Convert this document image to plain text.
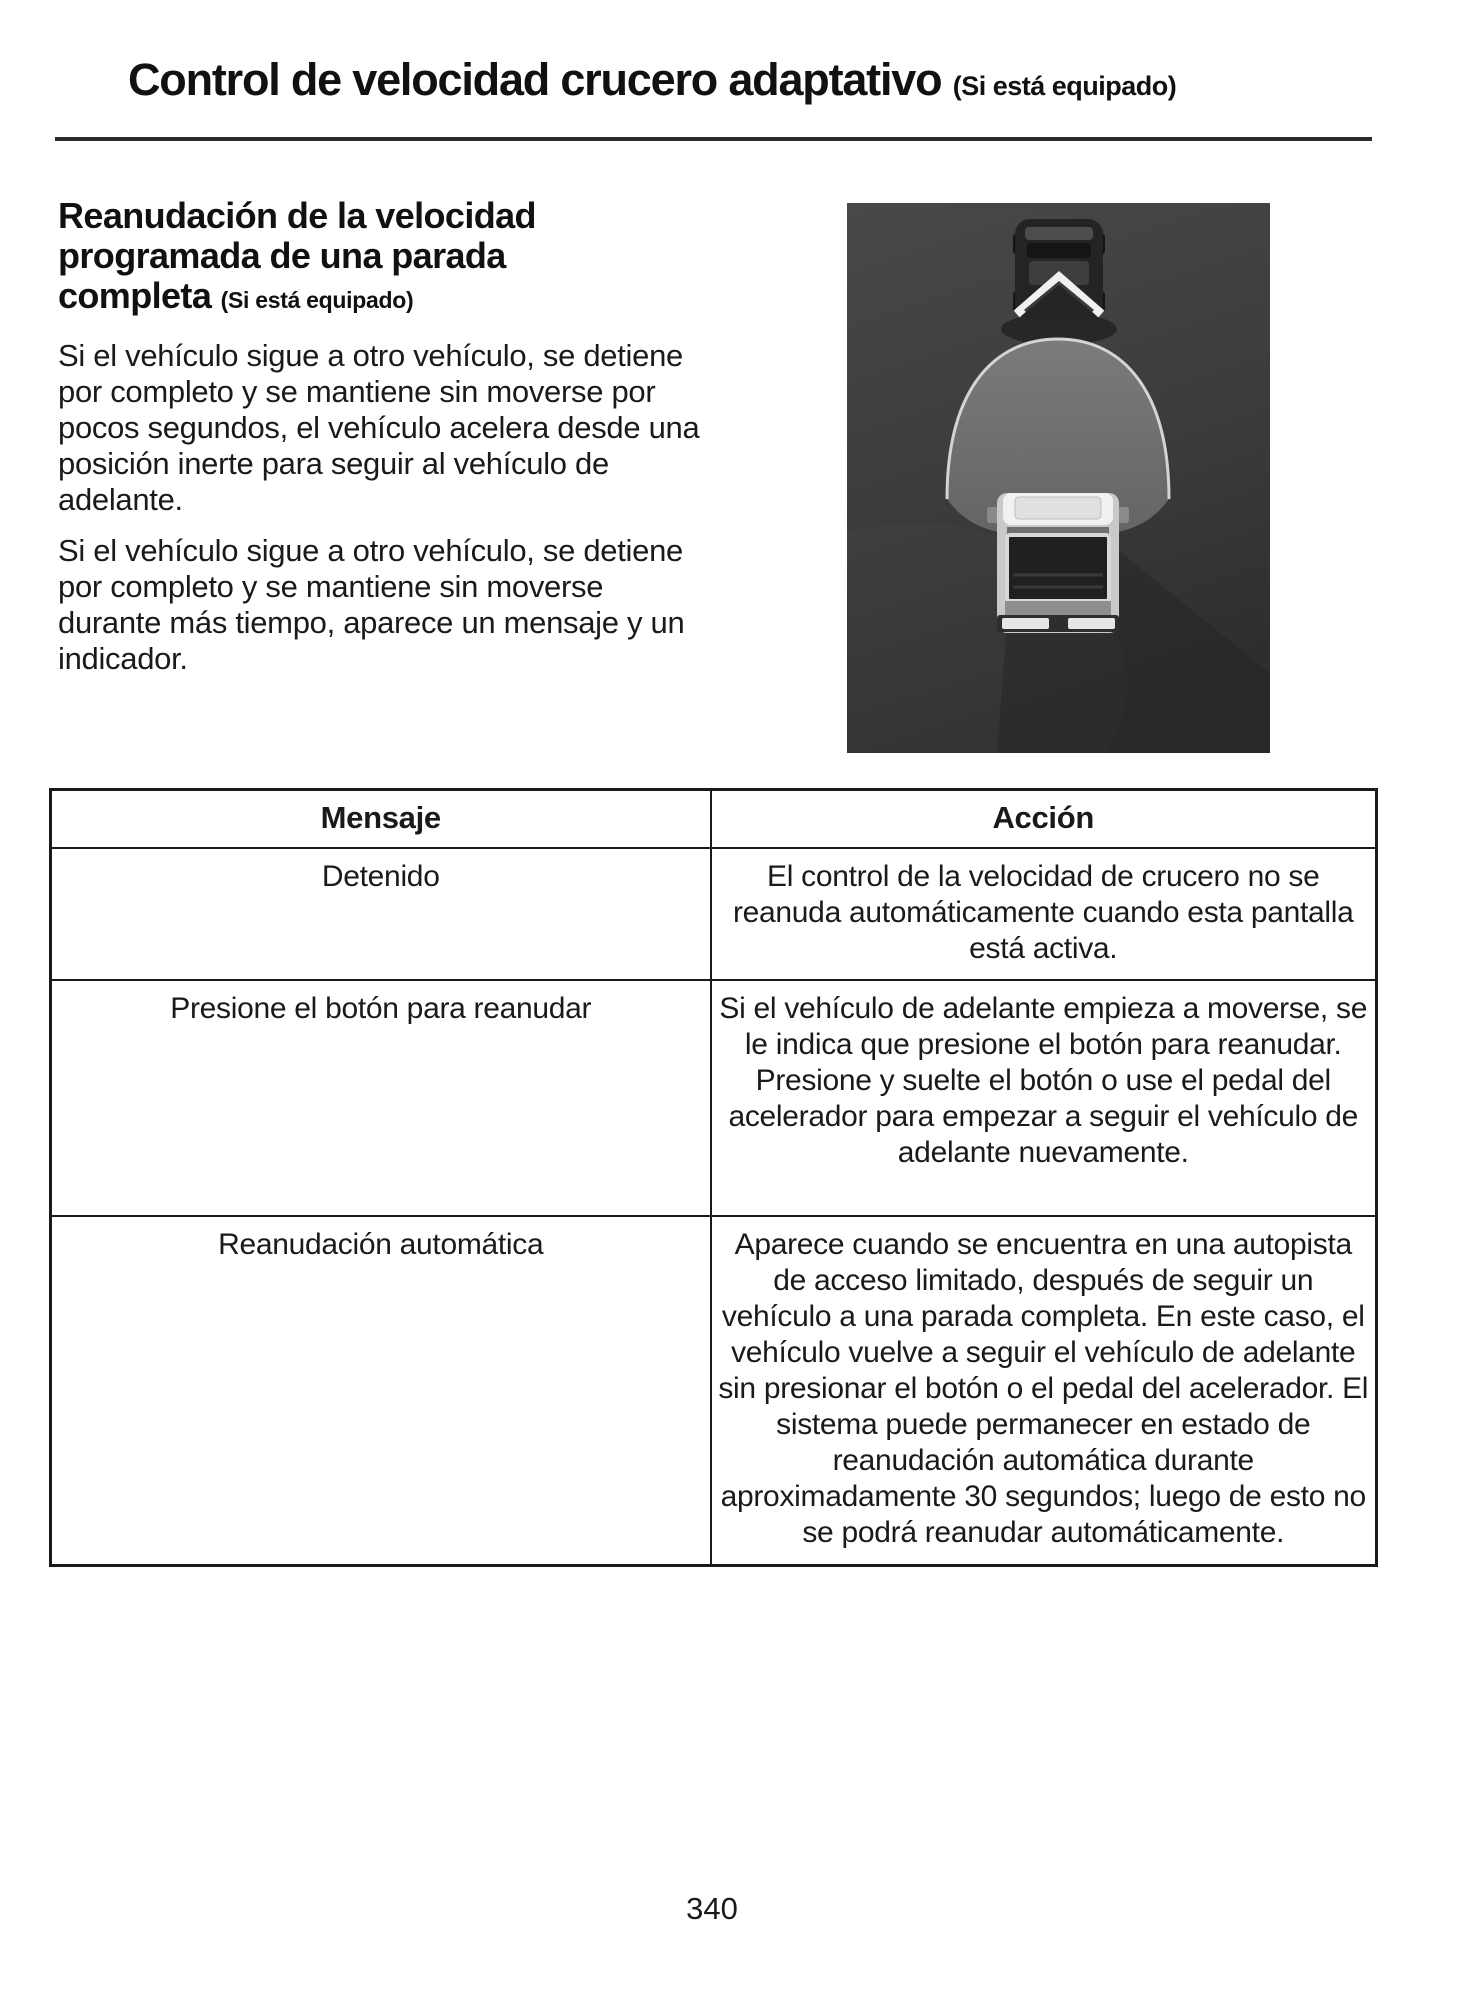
Control de velocidad crucero adaptativo (Si está equipado)
Reanudación de la velocidad programada de una parada completa (Si está equipado)

Si el vehículo sigue a otro vehículo, se detiene por completo y se mantiene sin moverse por pocos segundos, el vehículo acelera desde una posición inerte para seguir al vehículo de adelante.

Si el vehículo sigue a otro vehículo, se detiene por completo y se mantiene sin moverse durante más tiempo, aparece un mensaje y un indicador.

Mensaje	Acción
Detenido	El control de la velocidad de crucero no se reanuda automáticamente cuando esta pantalla está activa.
Presione el botón para reanudar	Si el vehículo de adelante empieza a moverse, se le indica que presione el botón para reanudar.
Presione y suelte el botón o use el pedal del acelerador para empezar a seguir el vehículo de adelante nuevamente.

Reanudación automática	Aparece cuando se encuentra en una autopista de acceso limitado, después de seguir un vehículo a una parada completa. En este caso, el vehículo vuelve a seguir el vehículo de adelante sin presionar el botón o el pedal del acelerador. El sistema puede permanecer en estado de reanudación automática durante aproximadamente 30 segundos; luego de esto no se podrá reanudar automáticamente.
340
